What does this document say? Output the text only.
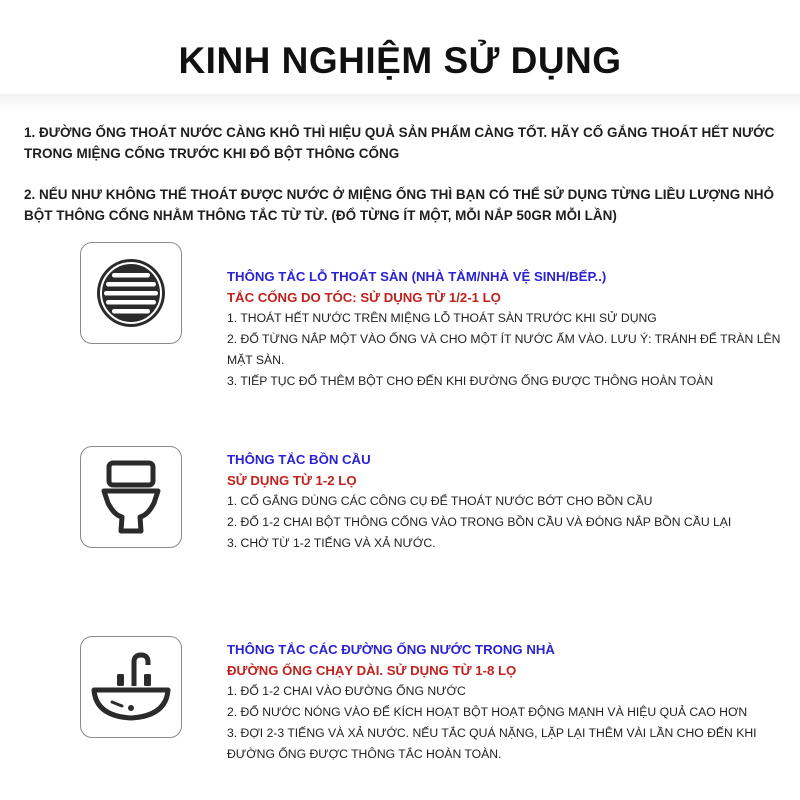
KINH NGHIỆM SỬ DỤNG
1. ĐƯỜNG ỐNG THOÁT NƯỚC CÀNG KHÔ THÌ HIỆU QUẢ SẢN PHẨM CÀNG TỐT. HÃY CỐ GẮNG THOÁT HẾT NƯỚC TRONG MIỆNG CỐNG TRƯỚC KHI ĐỔ BỘT THÔNG CỐNG
2. NẾU NHƯ KHÔNG THỂ THOÁT ĐƯỢC NƯỚC Ở MIỆNG ỐNG THÌ BẠN CÓ THỂ SỬ DỤNG TỪNG LIỀU LƯỢNG NHỎ BỘT THÔNG CỐNG NHẰM THÔNG TẮC TỪ TỪ. (ĐỔ TỪNG ÍT MỘT, MỖI NẮP 50GR MỖI LẦN)
THÔNG TẮC LỖ THOÁT SÀN (NHÀ TẮM/NHÀ VỆ SINH/BẾP..)
TẮC CỐNG DO TÓC: SỬ DỤNG TỪ 1/2-1 LỌ
1. THOÁT HẾT NƯỚC TRÊN MIỆNG LỖ THOÁT SÀN TRƯỚC KHI SỬ DỤNG
2. ĐỔ TỪNG NẮP MỘT VÀO ỐNG VÀ CHO MỘT ÍT NƯỚC ẤM VÀO. LƯU Ý: TRÁNH ĐỂ TRÀN LÊN MẶT SÀN.
3. TIẾP TỤC ĐỔ THÊM BỘT CHO ĐẾN KHI ĐƯỜNG ỐNG ĐƯỢC THÔNG HOÀN TOÀN
THÔNG TẮC BỒN CẦU
SỬ DỤNG TỪ 1-2 LỌ
1. CỐ GẮNG DÙNG CÁC CÔNG CỤ ĐỂ THOÁT NƯỚC BỚT CHO BỒN CẦU
2. ĐỔ 1-2 CHAI BỘT THÔNG CỐNG VÀO TRONG BỒN CẦU VÀ ĐÓNG NẮP BỒN CẦU LẠI
3. CHỜ TỪ 1-2 TIẾNG VÀ XẢ NƯỚC.
THÔNG TẮC CÁC ĐƯỜNG ỐNG NƯỚC TRONG NHÀ
ĐƯỜNG ỐNG CHẠY DÀI. SỬ DỤNG TỪ 1-8 LỌ
1. ĐỔ 1-2 CHAI VÀO ĐƯỜNG ỐNG NƯỚC
2. ĐỔ NƯỚC NÓNG VÀO ĐỂ KÍCH HOẠT BỘT HOẠT ĐỘNG MẠNH VÀ HIỆU QUẢ CAO HƠN
3. ĐỢI 2-3 TIẾNG VÀ XẢ NƯỚC. NẾU TẮC QUÁ NẶNG, LẶP LẠI THÊM VÀI LẦN CHO ĐẾN KHI ĐƯỜNG ỐNG ĐƯỢC THÔNG TẮC HOÀN TOÀN.
